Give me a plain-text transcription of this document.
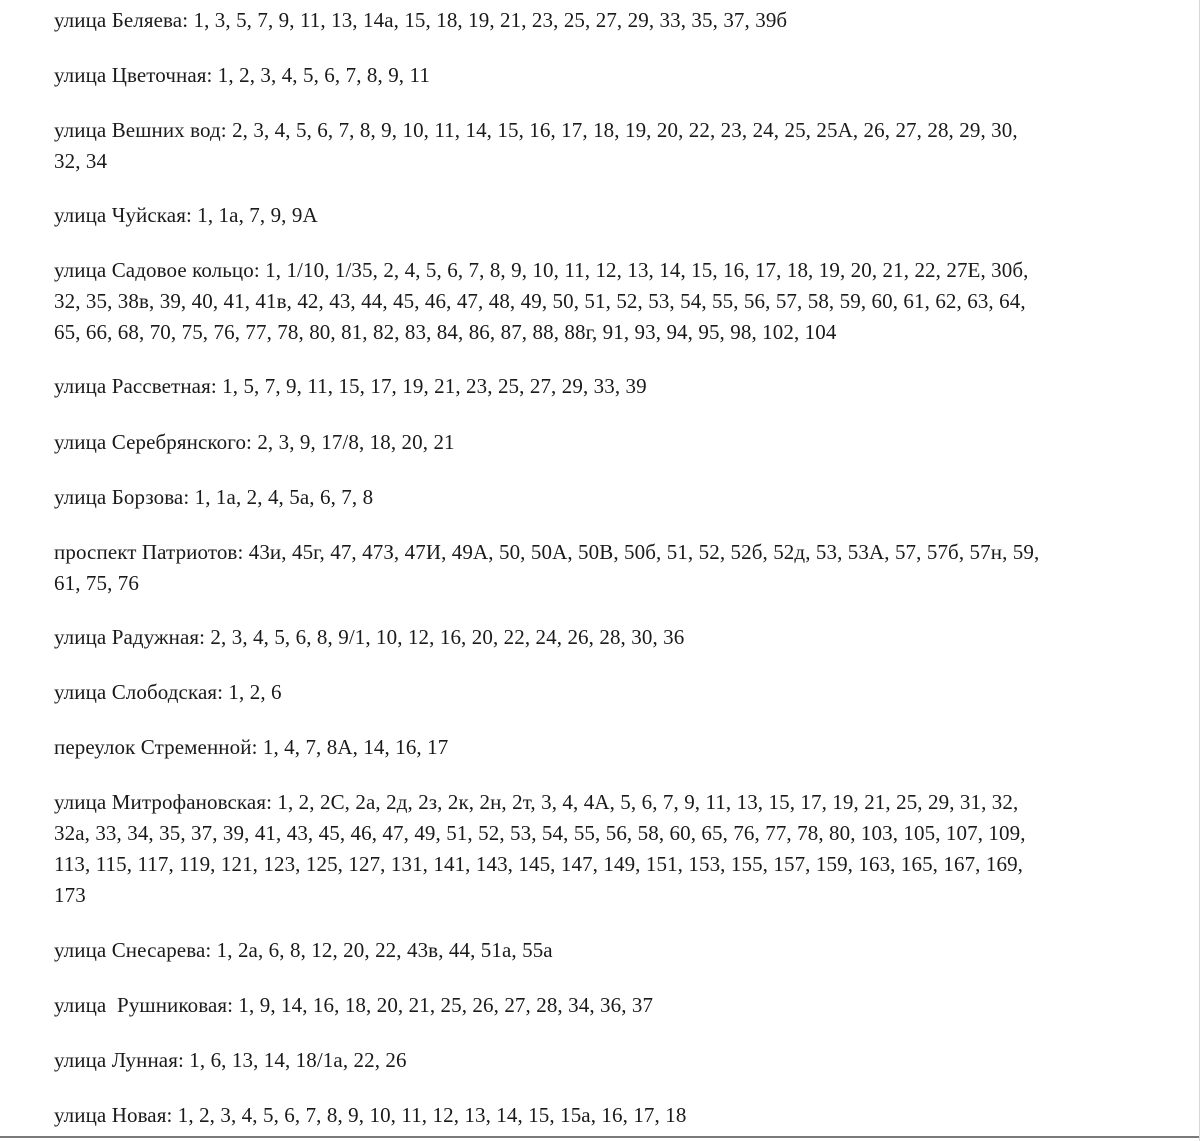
улица Беляева: 1, 3, 5, 7, 9, 11, 13, 14а, 15, 18, 19, 21, 23, 25, 27, 29, 33, 35, 37, 39б
улица Цветочная: 1, 2, 3, 4, 5, 6, 7, 8, 9, 11
улица Вешних вод: 2, 3, 4, 5, 6, 7, 8, 9, 10, 11, 14, 15, 16, 17, 18, 19, 20, 22, 23, 24, 25, 25А, 26, 27, 28, 29, 30,
32, 34
улица Чуйская: 1, 1а, 7, 9, 9А
улица Садовое кольцо: 1, 1/10, 1/35, 2, 4, 5, 6, 7, 8, 9, 10, 11, 12, 13, 14, 15, 16, 17, 18, 19, 20, 21, 22, 27Е, 30б,
32, 35, 38в, 39, 40, 41, 41в, 42, 43, 44, 45, 46, 47, 48, 49, 50, 51, 52, 53, 54, 55, 56, 57, 58, 59, 60, 61, 62, 63, 64,
65, 66, 68, 70, 75, 76, 77, 78, 80, 81, 82, 83, 84, 86, 87, 88, 88г, 91, 93, 94, 95, 98, 102, 104
улица Рассветная: 1, 5, 7, 9, 11, 15, 17, 19, 21, 23, 25, 27, 29, 33, 39
улица Серебрянского: 2, 3, 9, 17/8, 18, 20, 21
улица Борзова: 1, 1а, 2, 4, 5а, 6, 7, 8
проспект Патриотов: 43и, 45г, 47, 47З, 47И, 49А, 50, 50А, 50В, 50б, 51, 52, 52б, 52д, 53, 53А, 57, 57б, 57н, 59,
61, 75, 76
улица Радужная: 2, 3, 4, 5, 6, 8, 9/1, 10, 12, 16, 20, 22, 24, 26, 28, 30, 36
улица Слободская: 1, 2, 6
переулок Стременной: 1, 4, 7, 8А, 14, 16, 17
улица Митрофановская: 1, 2, 2С, 2а, 2д, 2з, 2к, 2н, 2т, 3, 4, 4А, 5, 6, 7, 9, 11, 13, 15, 17, 19, 21, 25, 29, 31, 32,
32а, 33, 34, 35, 37, 39, 41, 43, 45, 46, 47, 49, 51, 52, 53, 54, 55, 56, 58, 60, 65, 76, 77, 78, 80, 103, 105, 107, 109,
113, 115, 117, 119, 121, 123, 125, 127, 131, 141, 143, 145, 147, 149, 151, 153, 155, 157, 159, 163, 165, 167, 169,
173
улица Снесарева: 1, 2а, 6, 8, 12, 20, 22, 43в, 44, 51а, 55а
улица  Рушниковая: 1, 9, 14, 16, 18, 20, 21, 25, 26, 27, 28, 34, 36, 37
улица Лунная: 1, 6, 13, 14, 18/1а, 22, 26
улица Новая: 1, 2, 3, 4, 5, 6, 7, 8, 9, 10, 11, 12, 13, 14, 15, 15а, 16, 17, 18
